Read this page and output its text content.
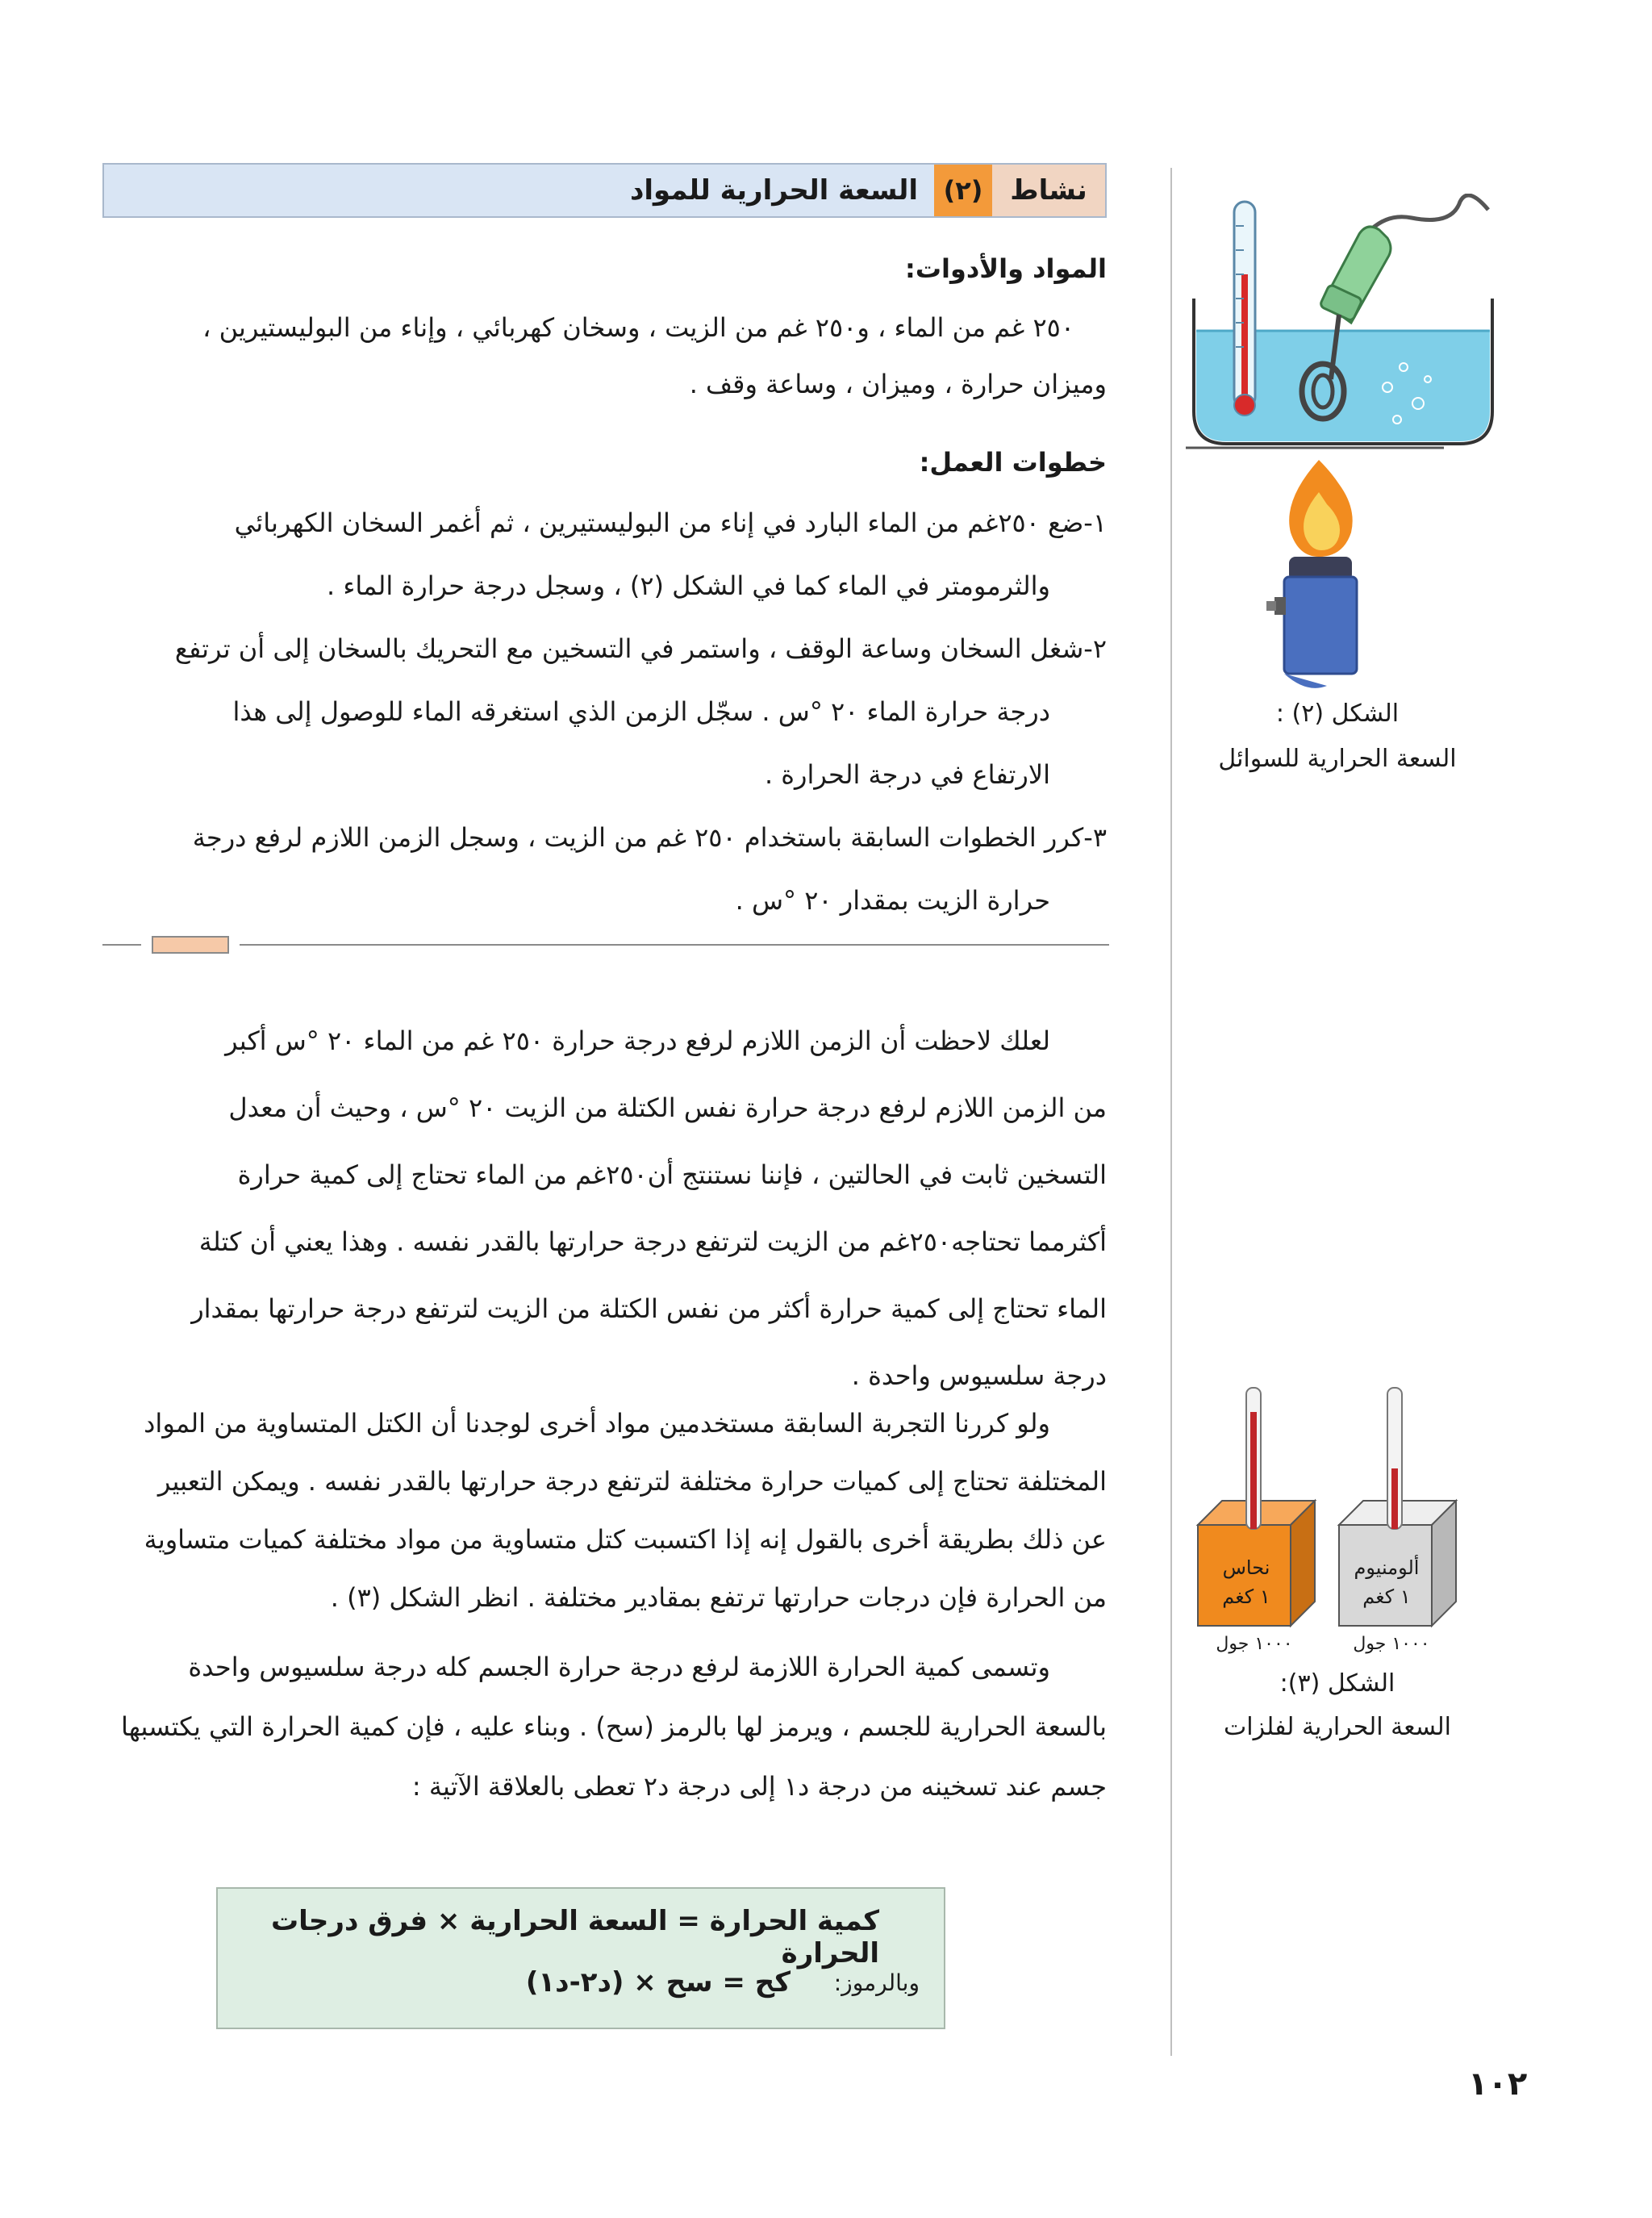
نشاط
(٢)
السعة الحرارية للمواد
المواد والأدوات:
٢٥٠ غم من الماء ، و٢٥٠ غم من الزيت ، وسخان كهربائي ، وإناء من البوليستيرين ،
وميزان حرارة ، وميزان ، وساعة وقف .
خطوات العمل:
١-ضع ٢٥٠غم من الماء البارد في إناء من البوليستيرين ، ثم أغمر السخان الكهربائي
والثرمومتر في الماء كما في الشكل (٢) ، وسجل درجة حرارة الماء .
٢-شغل السخان وساعة الوقف ، واستمر في التسخين مع التحريك بالسخان إلى أن ترتفع
درجة حرارة الماء ٢٠ °س . سجّل الزمن الذي استغرقه الماء للوصول إلى هذا
الارتفاع في درجة الحرارة .
٣-كرر الخطوات السابقة باستخدام ٢٥٠ غم من الزيت ، وسجل الزمن اللازم لرفع درجة
حرارة الزيت بمقدار ٢٠ °س .
لعلك لاحظت أن الزمن اللازم لرفع درجة حرارة ٢٥٠ غم من الماء ٢٠ °س أكبر
من الزمن اللازم لرفع درجة حرارة نفس الكتلة من الزيت ٢٠ °س ، وحيث أن معدل
التسخين ثابت في الحالتين ، فإننا نستنتج أن٢٥٠غم من الماء تحتاج إلى كمية حرارة
أكثرمما تحتاجه٢٥٠غم من الزيت لترتفع درجة حرارتها بالقدر نفسه . وهذا يعني أن كتلة
الماء تحتاج إلى كمية حرارة أكثر من نفس الكتلة من الزيت لترتفع درجة حرارتها بمقدار
درجة سلسيوس واحدة .
ولو كررنا التجربة السابقة مستخدمين مواد أخرى لوجدنا أن الكتل المتساوية من المواد
المختلفة تحتاج إلى كميات حرارة مختلفة لترتفع درجة حرارتها بالقدر نفسه . ويمكن التعبير
عن ذلك بطريقة أخرى بالقول إنه إذا اكتسبت كتل متساوية من مواد مختلفة كميات متساوية
من الحرارة فإن درجات حرارتها ترتفع بمقادير مختلفة . انظر الشكل (٣) .
وتسمى كمية الحرارة اللازمة لرفع درجة حرارة الجسم كله درجة سلسيوس واحدة
بالسعة الحرارية للجسم ، ويرمز لها بالرمز (سح) . وبناء عليه ، فإن كمية الحرارة التي يكتسبها
جسم عند تسخينه من درجة د١ إلى درجة د٢ تعطى بالعلاقة الآتية :
كمية الحرارة = السعة الحرارية × فرق درجات الحرارة
وبالرموز:
كح = سح × (د٢-د١)
الشكل (٢) :
السعة الحرارية للسوائل
نحاس
١ كغم
ألومنيوم
١ كغم
١٠٠٠ جول	١٠٠٠ جول
الشكل (٣):
السعة الحرارية لفلزات
١٠٢
